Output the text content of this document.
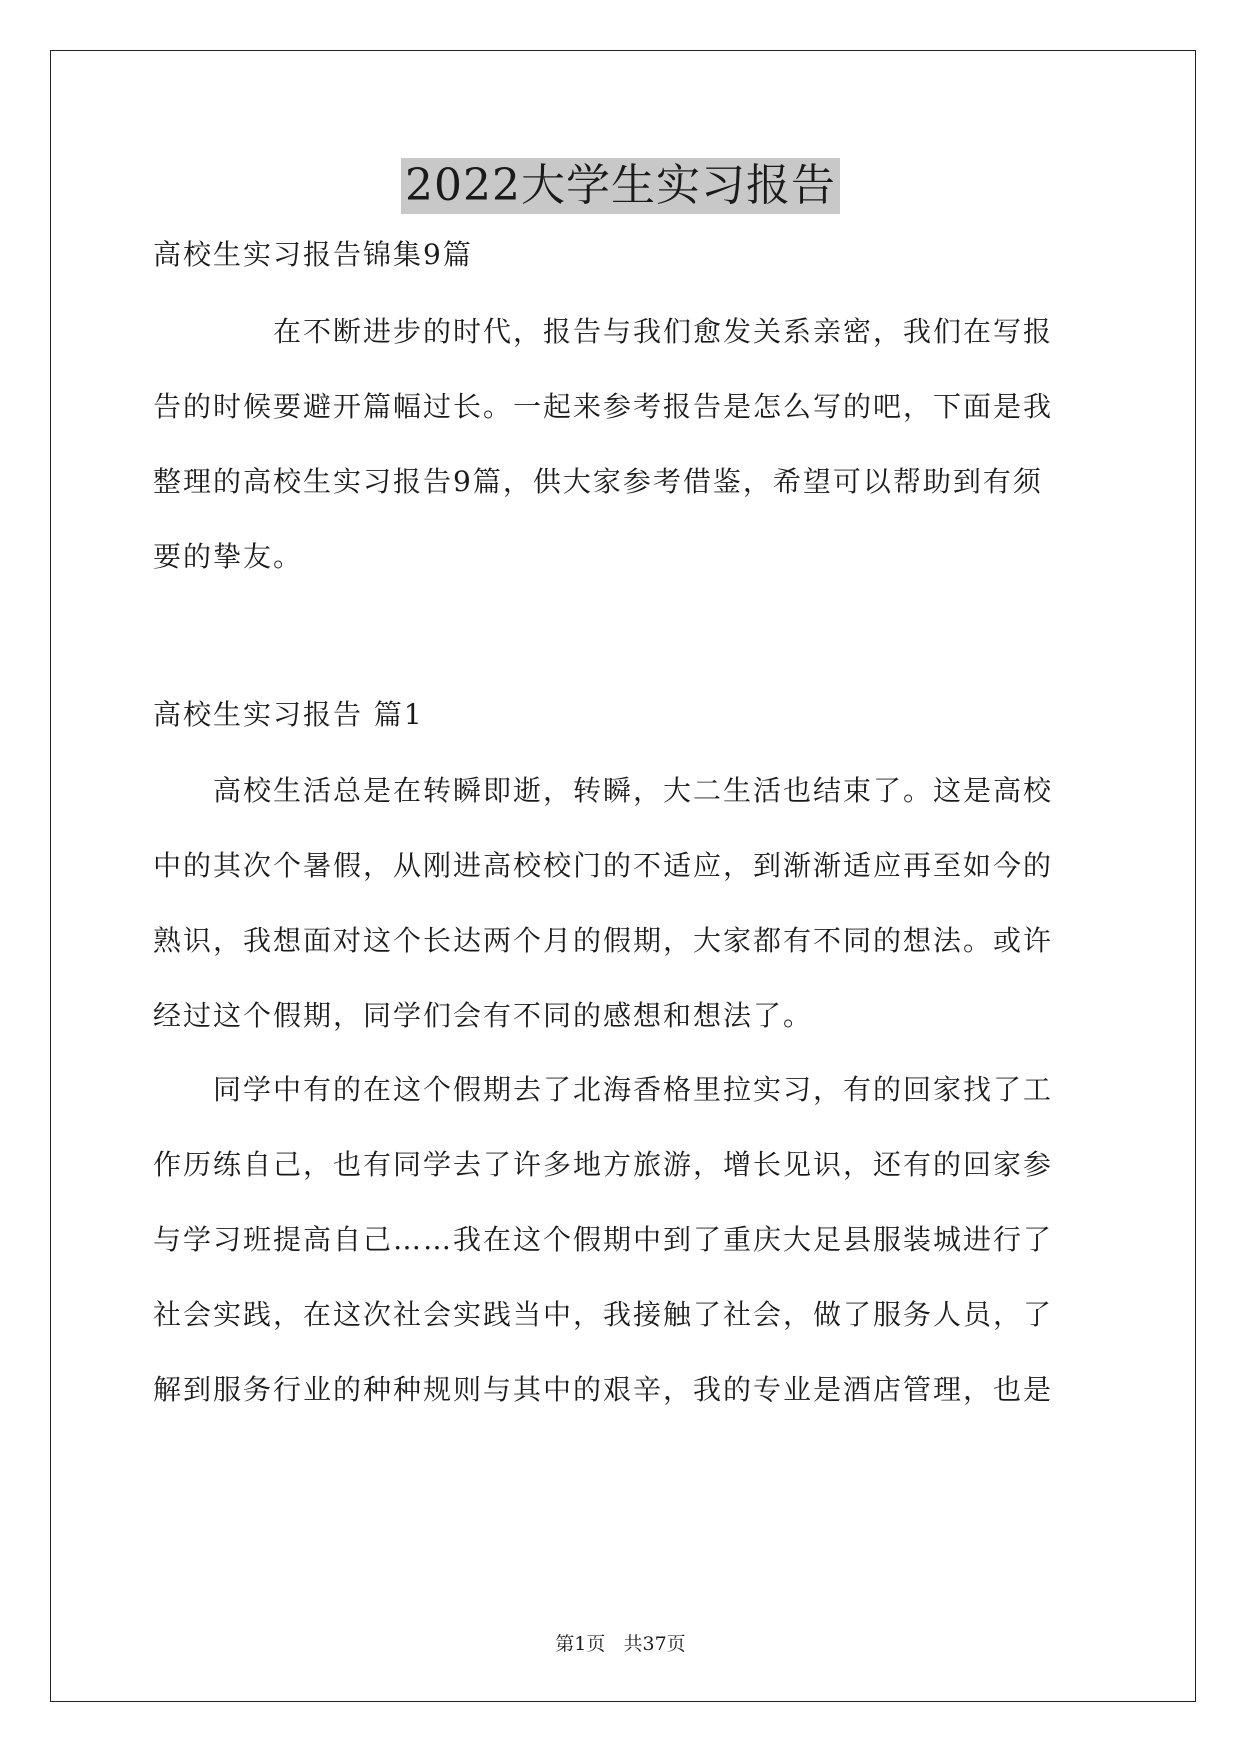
2022大学生实习报告
高校生实习报告锦集9篇
在不断进步的时代，报告与我们愈发关系亲密，我们在写报
告的时候要避开篇幅过长。一起来参考报告是怎么写的吧，下面是我
整理的高校生实习报告9篇，供大家参考借鉴，希望可以帮助到有须
要的挚友。
高校生实习报告 篇1
高校生活总是在转瞬即逝，转瞬，大二生活也结束了。这是高校
中的其次个暑假，从刚进高校校门的不适应，到渐渐适应再至如今的
熟识，我想面对这个长达两个月的假期，大家都有不同的想法。或许
经过这个假期，同学们会有不同的感想和想法了。
同学中有的在这个假期去了北海香格里拉实习，有的回家找了工
作历练自己，也有同学去了许多地方旅游，增长见识，还有的回家参
与学习班提高自己……我在这个假期中到了重庆大足县服装城进行了
社会实践，在这次社会实践当中，我接触了社会，做了服务人员，了
解到服务行业的种种规则与其中的艰辛，我的专业是酒店管理，也是
第1页   共37页
